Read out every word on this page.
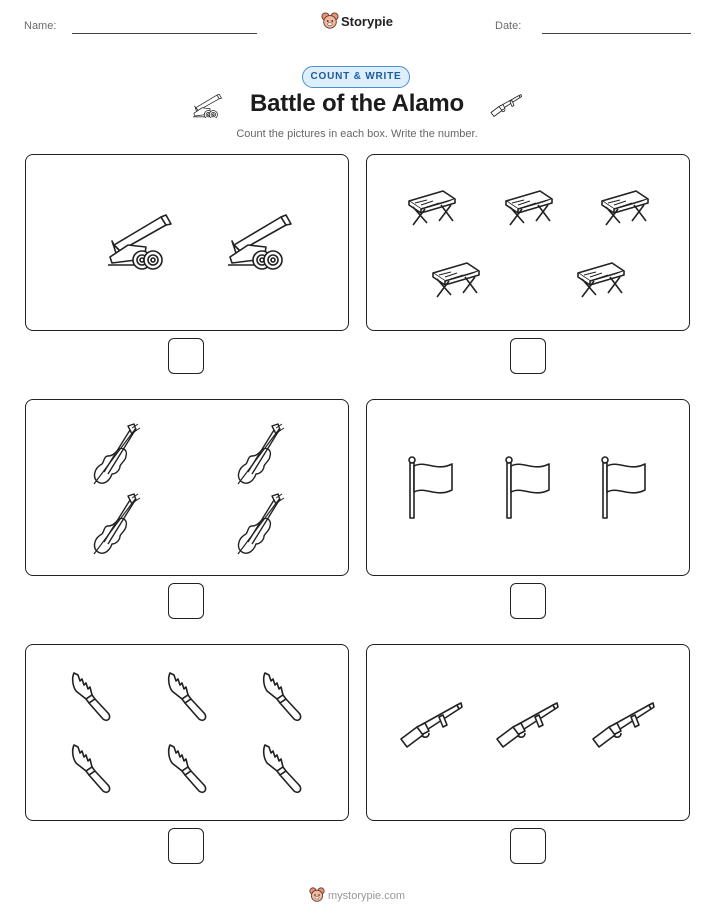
Name:	Storypie	Date:
COUNT & WRITE
Battle of the Alamo
Count the pictures in each box. Write the number.
mystorypie.com
